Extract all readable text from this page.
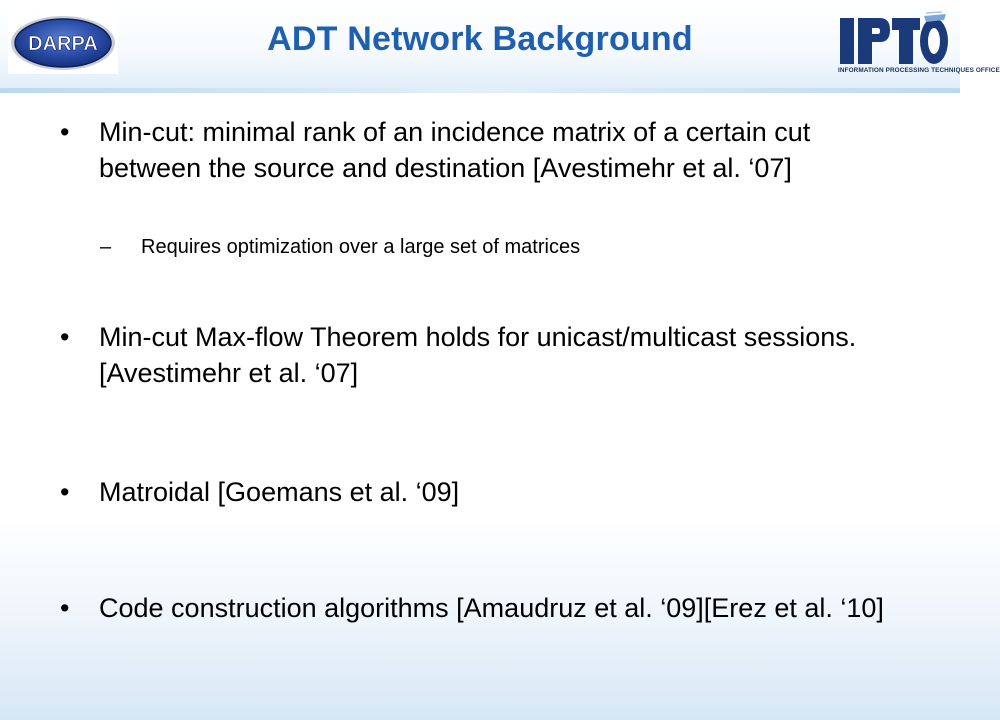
DARPA	ADT Network Background
INFORMATION PROCESSING TECHNIQUES OFFICE
• Min-cut: minimal rank of an incidence matrix of a certain cut between the source and destination [Avestimehr et al. ‘07]
– Requires optimization over a large set of matrices
• Min-cut Max-flow Theorem holds for unicast/multicast sessions. [Avestimehr et al. ‘07]
• Matroidal [Goemans et al. ‘09]
• Code construction algorithms [Amaudruz et al. ‘09][Erez et al. ‘10]
